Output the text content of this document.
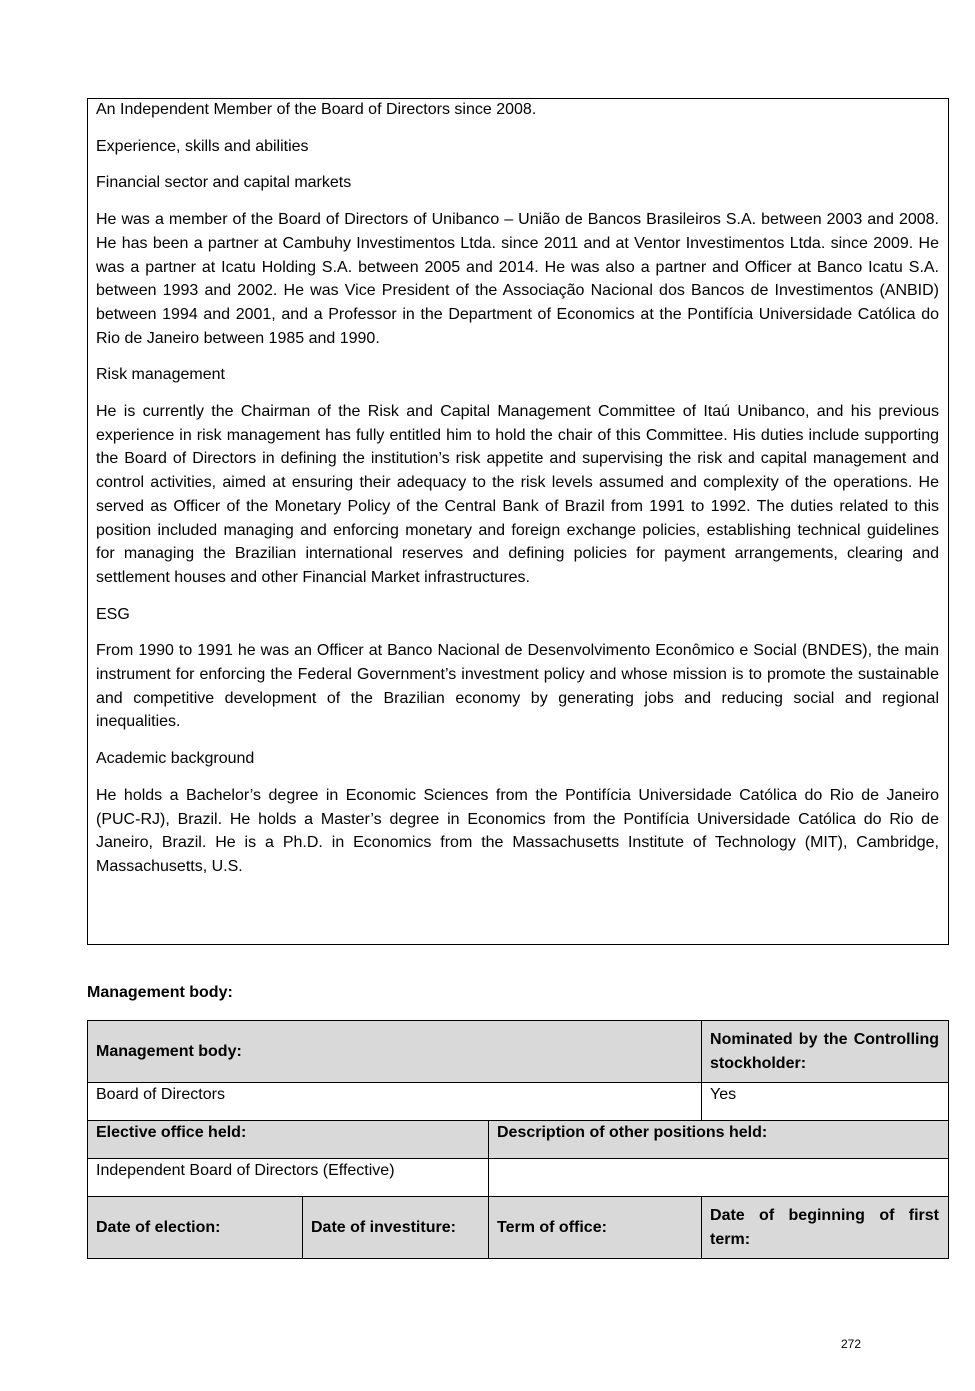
An Independent Member of the Board of Directors since 2008.

Experience, skills and abilities

Financial sector and capital markets

He was a member of the Board of Directors of Unibanco – União de Bancos Brasileiros S.A. between 2003 and 2008. He has been a partner at Cambuhy Investimentos Ltda. since 2011 and at Ventor Investimentos Ltda. since 2009. He was a partner at Icatu Holding S.A. between 2005 and 2014. He was also a partner and Officer at Banco Icatu S.A. between 1993 and 2002. He was Vice President of the Associação Nacional dos Bancos de Investimentos (ANBID) between 1994 and 2001, and a Professor in the Department of Economics at the Pontifícia Universidade Católica do Rio de Janeiro between 1985 and 1990.

Risk management

He is currently the Chairman of the Risk and Capital Management Committee of Itaú Unibanco, and his previous experience in risk management has fully entitled him to hold the chair of this Committee. His duties include supporting the Board of Directors in defining the institution’s risk appetite and supervising the risk and capital management and control activities, aimed at ensuring their adequacy to the risk levels assumed and complexity of the operations. He served as Officer of the Monetary Policy of the Central Bank of Brazil from 1991 to 1992. The duties related to this position included managing and enforcing monetary and foreign exchange policies, establishing technical guidelines for managing the Brazilian international reserves and defining policies for payment arrangements, clearing and settlement houses and other Financial Market infrastructures.

ESG

From 1990 to 1991 he was an Officer at Banco Nacional de Desenvolvimento Econômico e Social (BNDES), the main instrument for enforcing the Federal Government’s investment policy and whose mission is to promote the sustainable and competitive development of the Brazilian economy by generating jobs and reducing social and regional inequalities.

Academic background

He holds a Bachelor’s degree in Economic Sciences from the Pontifícia Universidade Católica do Rio de Janeiro (PUC-RJ), Brazil. He holds a Master’s degree in Economics from the Pontifícia Universidade Católica do Rio de Janeiro, Brazil. He is a Ph.D. in Economics from the Massachusetts Institute of Technology (MIT), Cambridge, Massachusetts, U.S.

Management body:

Management body:			Nominated by the Controlling stockholder:

Board of Directors			Yes
Elective office held:		Description of other positions held:	
Independent Board of Directors (Effective)			
Date of election:	Date of investiture:	Term of office:	Date of beginning of first term:
272
